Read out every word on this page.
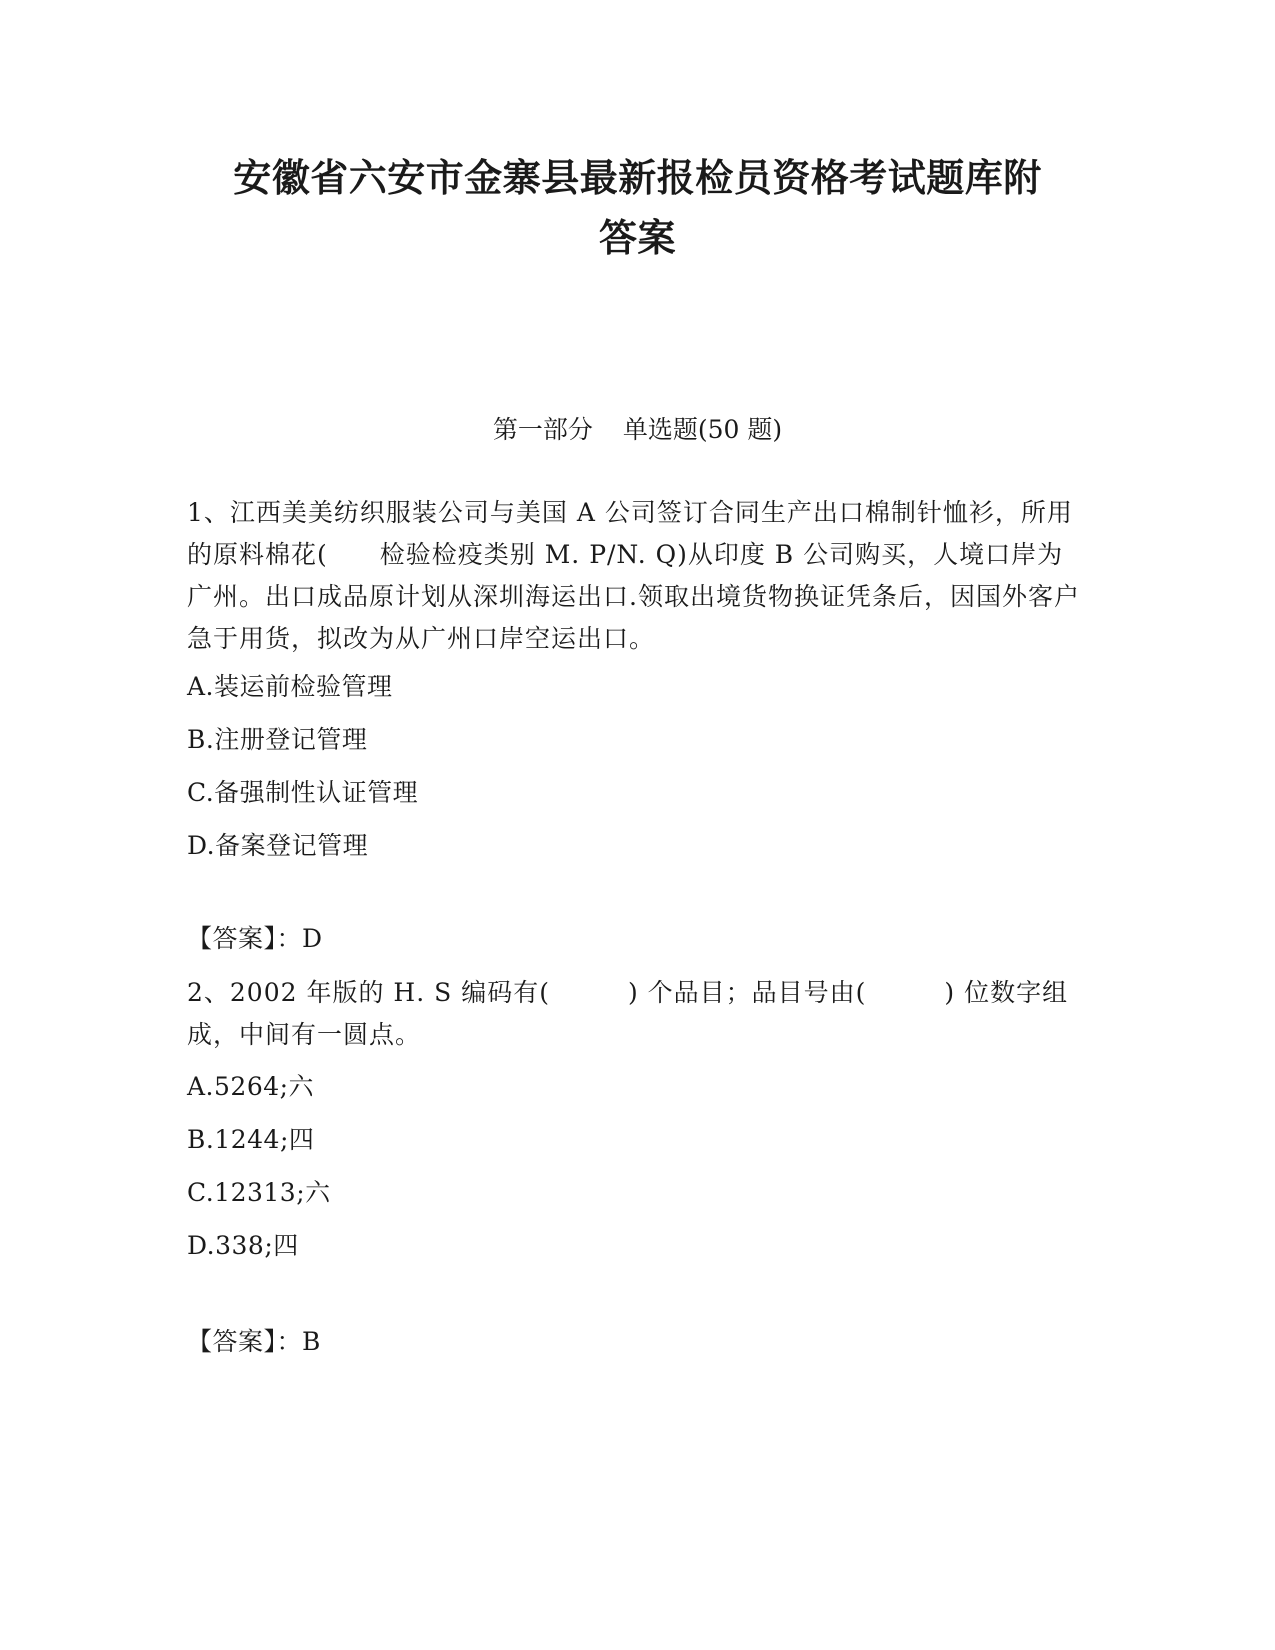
安徽省六安市金寨县最新报检员资格考试题库附
答案
第一部分 单选题(50 题)
1、江西美美纺织服装公司与美国 A 公司签订合同生产出口棉制针恤衫，所用的原料棉花(　　检验检疫类别 M. P/N. Q)从印度 B 公司购买，人境口岸为广州。出口成品原计划从深圳海运出口.领取出境货物换证凭条后，因国外客户急于用货，拟改为从广州口岸空运出口。
A.装运前检验管理
B.注册登记管理
C.备强制性认证管理
D.备案登记管理
【答案】：D
2、2002 年版的 H. S 编码有(　　　) 个品目；品目号由(　　　) 位数字组成，中间有一圆点。
A.5264;六
B.1244;四
C.12313;六
D.338;四
【答案】：B
